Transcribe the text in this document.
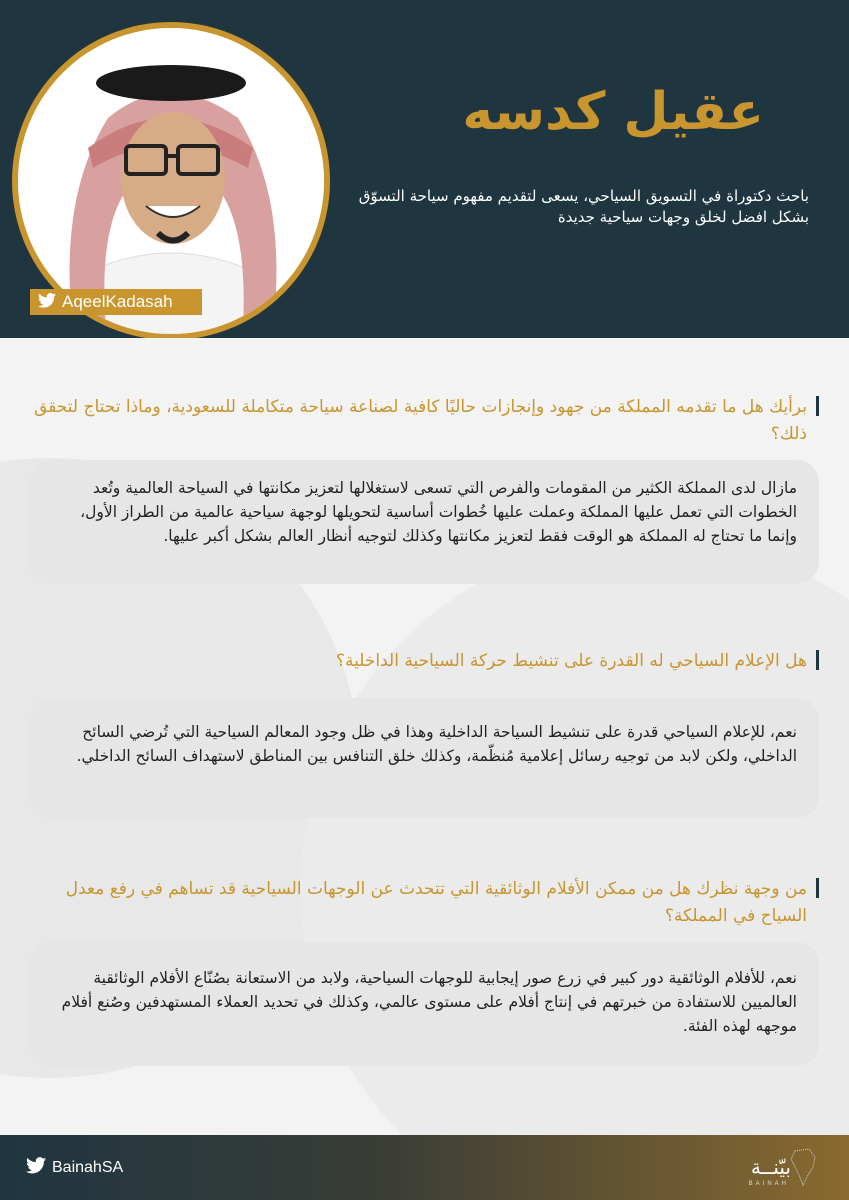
AqeelKadasah
عقيل كدسه
باحث دكتوراة في التسويق السياحي، يسعى لتقديم مفهوم سياحة التسوّق بشكل افضل لخلق وجهات سياحية جديدة
برأيك هل ما تقدمه المملكة من جهود وإنجازات حاليًا كافية لصناعة سياحة متكاملة للسعودية، وماذا تحتاج لتحقق ذلك؟
مازال لدى المملكة الكثير من المقومات والفرص التي تسعى لاستغلالها لتعزيز مكانتها في السياحة العالمية وتُعد الخطوات التي تعمل عليها المملكة وعملت عليها خُطوات أساسية لتحويلها لوجهة سياحية عالمية من الطراز الأول، وإنما ما تحتاج له المملكة هو الوقت فقط لتعزيز مكانتها وكذلك لتوجيه أنظار العالم بشكل أكبر عليها.
هل الإعلام السياحي له القدرة على تنشيط حركة السياحية الداخلية؟
نعم، للإعلام السياحي قدرة على تنشيط السياحة الداخلية وهذا في ظل وجود المعالم السياحية التي تُرضي السائح الداخلي، ولكن لابد من توجيه رسائل إعلامية مُنظّمة، وكذلك خلق التنافس بين المناطق لاستهداف السائح الداخلي.
من وجهة نظرك هل من ممكن الأفلام الوثائقية التي تتحدث عن الوجهات السياحية قد تساهم في رفع معدل السياح في المملكة؟
نعم، للأفلام الوثائقية دور كبير في زرع صور إيجابية للوجهات السياحية، ولابد من الاستعانة بصُنّاع الأفلام الوثائقية العالميين للاستفادة من خبرتهم في إنتاج أفلام على مستوى عالمي، وكذلك في تحديد العملاء المستهدفين وصُنع أفلام موجهه لهذه الفئة.
BainahSA	بيّنــة
BAINAH
